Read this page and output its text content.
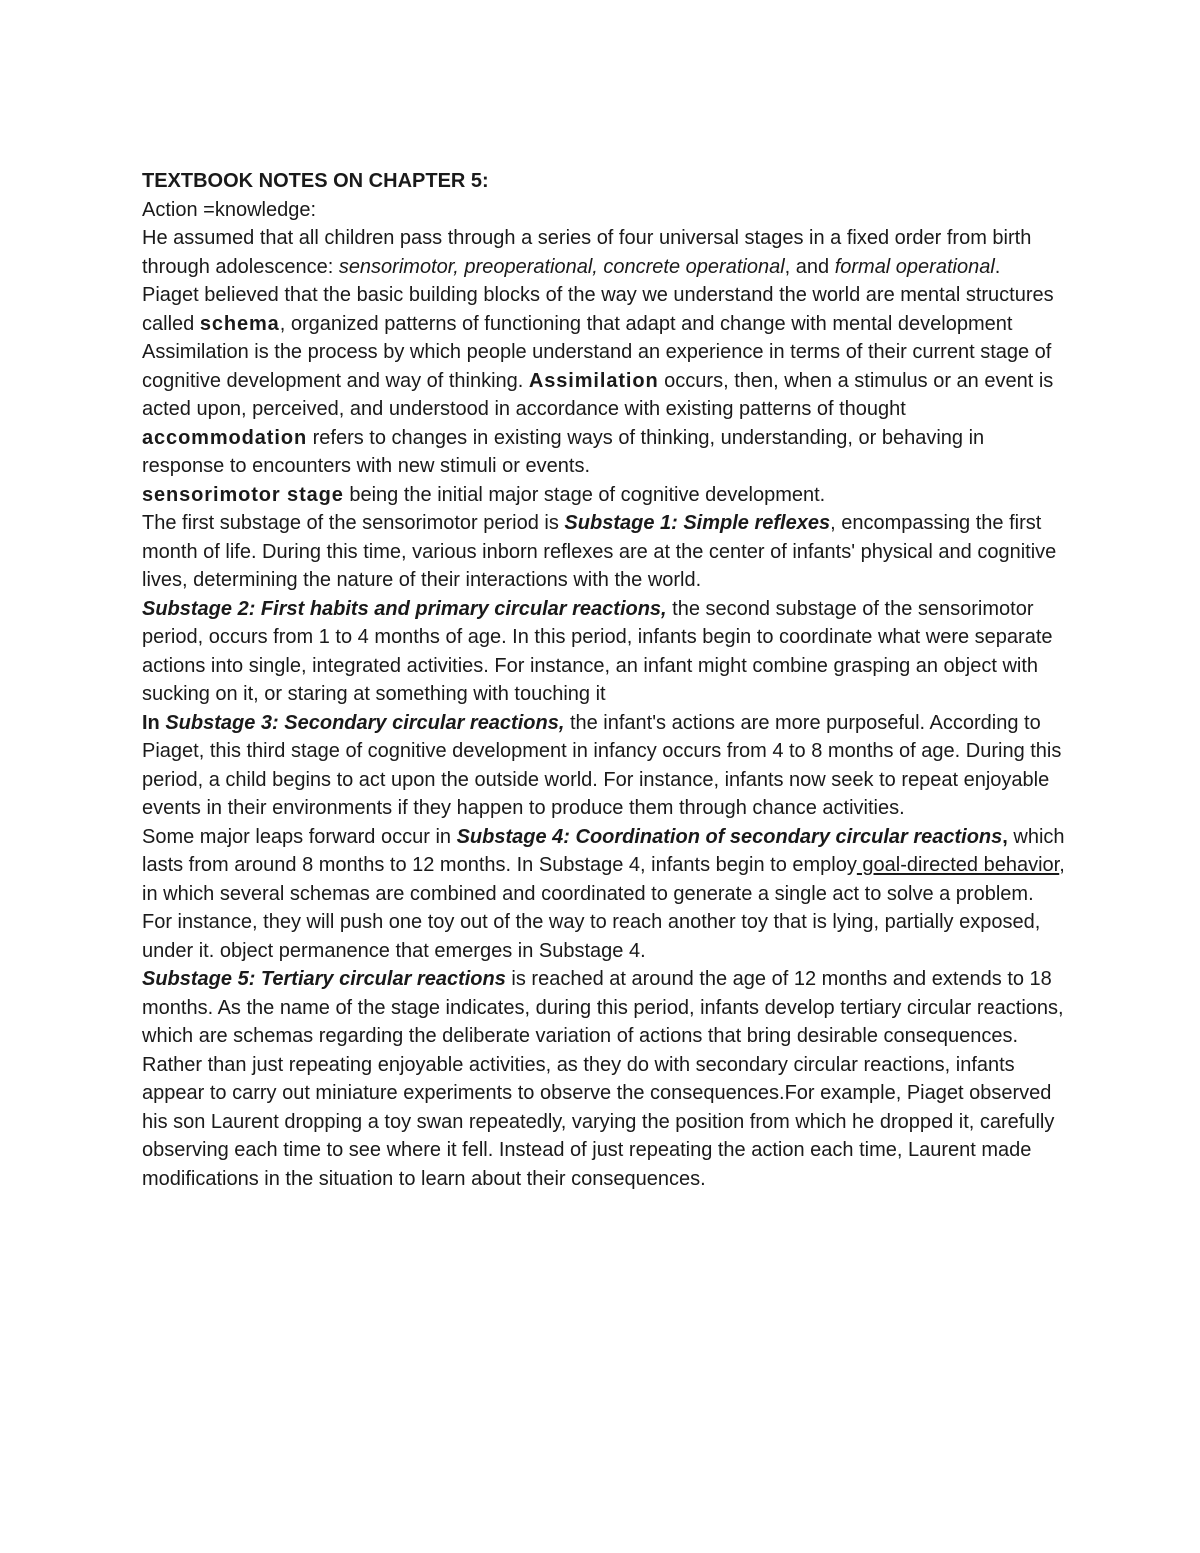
TEXTBOOK NOTES ON CHAPTER 5:

Action =knowledge:

He assumed that all children pass through a series of four universal stages in a fixed order from birth through adolescence: sensorimotor, preoperational, concrete operational, and formal operational.

Piaget believed that the basic building blocks of the way we understand the world are mental structures called schema, organized patterns of functioning that adapt and change with mental development

Assimilation is the process by which people understand an experience in terms of their current stage of cognitive development and way of thinking. Assimilation occurs, then, when a stimulus or an event is acted upon, perceived, and understood in accordance with existing patterns of thought

accommodation refers to changes in existing ways of thinking, understanding, or behaving in response to encounters with new stimuli or events.

sensorimotor stage being the initial major stage of cognitive development.

The first substage of the sensorimotor period is Substage 1: Simple reflexes, encompassing the first month of life. During this time, various inborn reflexes are at the center of infants' physical and cognitive lives, determining the nature of their interactions with the world.

Substage 2: First habits and primary circular reactions, the second substage of the sensorimotor period, occurs from 1 to 4 months of age. In this period, infants begin to coordinate what were separate actions into single, integrated activities. For instance, an infant might combine grasping an object with sucking on it, or staring at something with touching it

In Substage 3: Secondary circular reactions, the infant's actions are more purposeful. According to Piaget, this third stage of cognitive development in infancy occurs from 4 to 8 months of age. During this period, a child begins to act upon the outside world. For instance, infants now seek to repeat enjoyable events in their environments if they happen to produce them through chance activities.

Some major leaps forward occur in Substage 4: Coordination of secondary circular reactions, which lasts from around 8 months to 12 months. In Substage 4, infants begin to employ goal-directed behavior, in which several schemas are combined and coordinated to generate a single act to solve a problem. For instance, they will push one toy out of the way to reach another toy that is lying, partially exposed, under it. object permanence that emerges in Substage 4.

Substage 5: Tertiary circular reactions is reached at around the age of 12 months and extends to 18 months. As the name of the stage indicates, during this period, infants develop tertiary circular reactions, which are schemas regarding the deliberate variation of actions that bring desirable consequences. Rather than just repeating enjoyable activities, as they do with secondary circular reactions, infants appear to carry out miniature experiments to observe the consequences.For example, Piaget observed his son Laurent dropping a toy swan repeatedly, varying the position from which he dropped it, carefully observing each time to see where it fell. Instead of just repeating the action each time, Laurent made modifications in the situation to learn about their consequences.
